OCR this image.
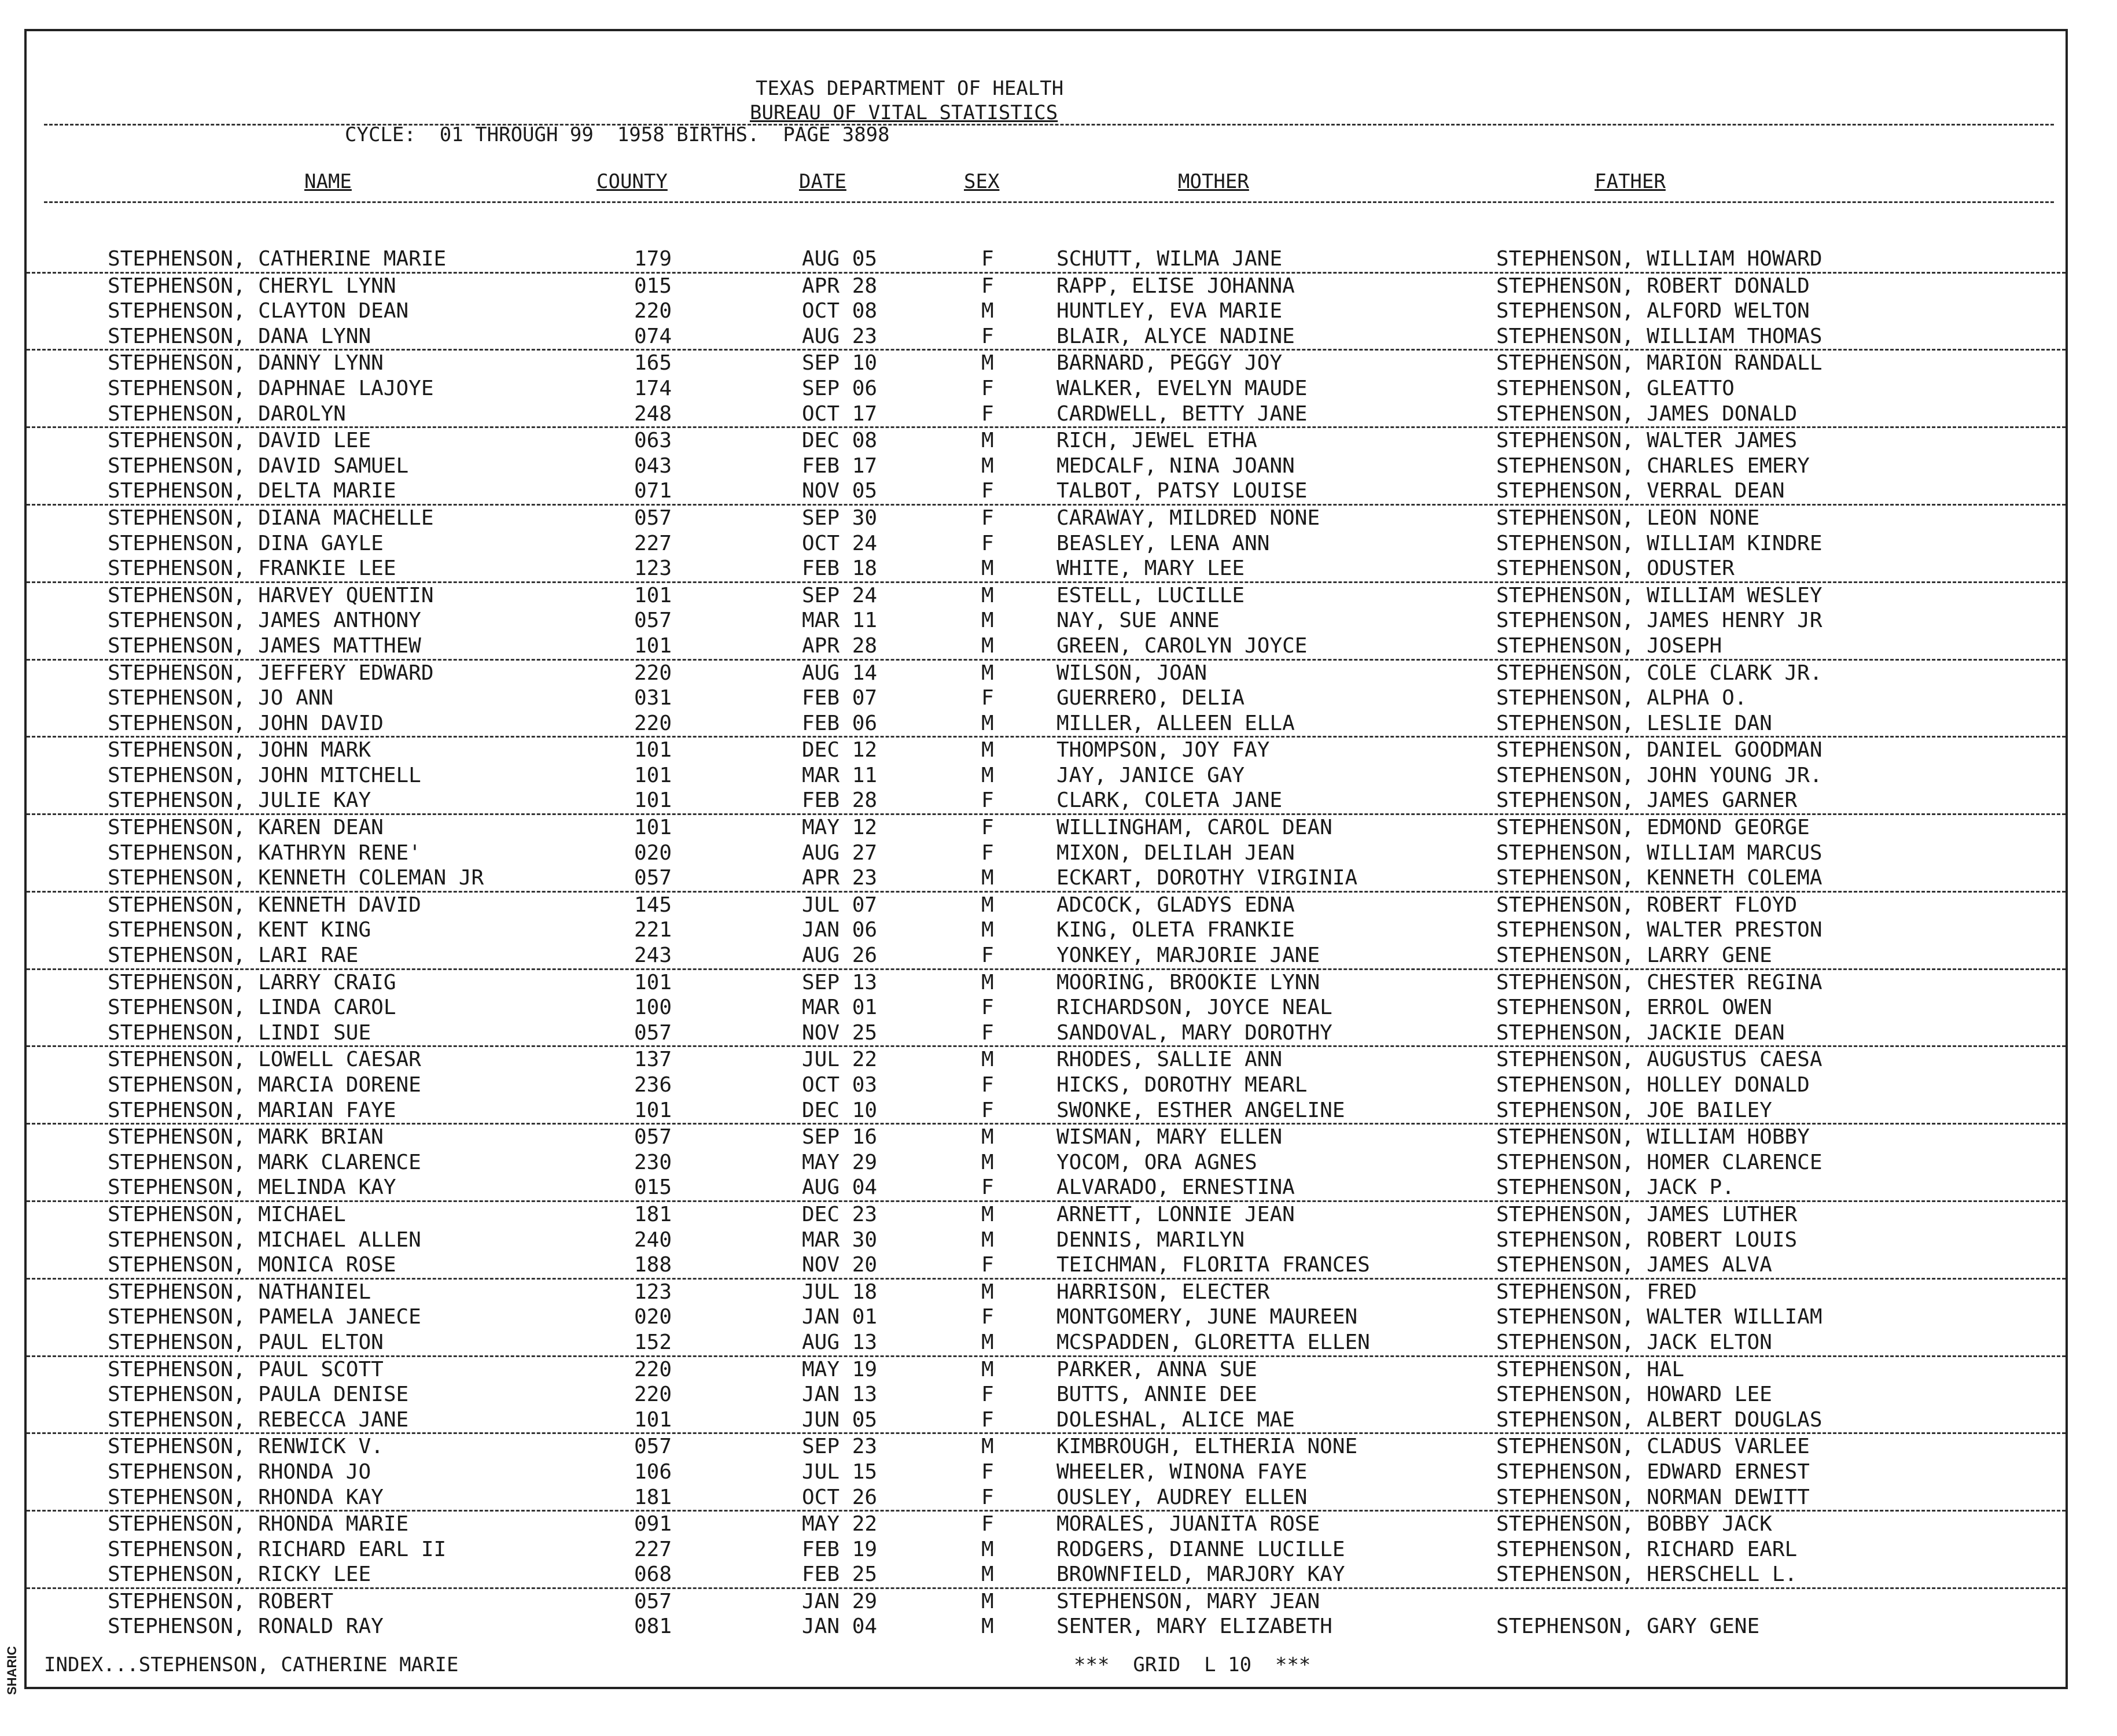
TEXAS DEPARTMENT OF HEALTH
BUREAU OF VITAL STATISTICS
CYCLE:  01 THROUGH 99  1958 BIRTHS.  PAGE 3898
NAME	COUNTY	DATE	SEX	MOTHER	FATHER
STEPHENSON, CATHERINE MARIE	179	AUG 05	F	SCHUTT, WILMA JANE	STEPHENSON, WILLIAM HOWARD
STEPHENSON, CHERYL LYNN	015	APR 28	F	RAPP, ELISE JOHANNA	STEPHENSON, ROBERT DONALD
STEPHENSON, CLAYTON DEAN	220	OCT 08	M	HUNTLEY, EVA MARIE	STEPHENSON, ALFORD WELTON
STEPHENSON, DANA LYNN	074	AUG 23	F	BLAIR, ALYCE NADINE	STEPHENSON, WILLIAM THOMAS
STEPHENSON, DANNY LYNN	165	SEP 10	M	BARNARD, PEGGY JOY	STEPHENSON, MARION RANDALL
STEPHENSON, DAPHNAE LAJOYE	174	SEP 06	F	WALKER, EVELYN MAUDE	STEPHENSON, GLEATTO
STEPHENSON, DAROLYN	248	OCT 17	F	CARDWELL, BETTY JANE	STEPHENSON, JAMES DONALD
STEPHENSON, DAVID LEE	063	DEC 08	M	RICH, JEWEL ETHA	STEPHENSON, WALTER JAMES
STEPHENSON, DAVID SAMUEL	043	FEB 17	M	MEDCALF, NINA JOANN	STEPHENSON, CHARLES EMERY
STEPHENSON, DELTA MARIE	071	NOV 05	F	TALBOT, PATSY LOUISE	STEPHENSON, VERRAL DEAN
STEPHENSON, DIANA MACHELLE	057	SEP 30	F	CARAWAY, MILDRED NONE	STEPHENSON, LEON NONE
STEPHENSON, DINA GAYLE	227	OCT 24	F	BEASLEY, LENA ANN	STEPHENSON, WILLIAM KINDRE
STEPHENSON, FRANKIE LEE	123	FEB 18	M	WHITE, MARY LEE	STEPHENSON, ODUSTER
STEPHENSON, HARVEY QUENTIN	101	SEP 24	M	ESTELL, LUCILLE	STEPHENSON, WILLIAM WESLEY
STEPHENSON, JAMES ANTHONY	057	MAR 11	M	NAY, SUE ANNE	STEPHENSON, JAMES HENRY JR
STEPHENSON, JAMES MATTHEW	101	APR 28	M	GREEN, CAROLYN JOYCE	STEPHENSON, JOSEPH
STEPHENSON, JEFFERY EDWARD	220	AUG 14	M	WILSON, JOAN	STEPHENSON, COLE CLARK JR.
STEPHENSON, JO ANN	031	FEB 07	F	GUERRERO, DELIA	STEPHENSON, ALPHA O.
STEPHENSON, JOHN DAVID	220	FEB 06	M	MILLER, ALLEEN ELLA	STEPHENSON, LESLIE DAN
STEPHENSON, JOHN MARK	101	DEC 12	M	THOMPSON, JOY FAY	STEPHENSON, DANIEL GOODMAN
STEPHENSON, JOHN MITCHELL	101	MAR 11	M	JAY, JANICE GAY	STEPHENSON, JOHN YOUNG JR.
STEPHENSON, JULIE KAY	101	FEB 28	F	CLARK, COLETA JANE	STEPHENSON, JAMES GARNER
STEPHENSON, KAREN DEAN	101	MAY 12	F	WILLINGHAM, CAROL DEAN	STEPHENSON, EDMOND GEORGE
STEPHENSON, KATHRYN RENE'	020	AUG 27	F	MIXON, DELILAH JEAN	STEPHENSON, WILLIAM MARCUS
STEPHENSON, KENNETH COLEMAN JR	057	APR 23	M	ECKART, DOROTHY VIRGINIA	STEPHENSON, KENNETH COLEMA
STEPHENSON, KENNETH DAVID	145	JUL 07	M	ADCOCK, GLADYS EDNA	STEPHENSON, ROBERT FLOYD
STEPHENSON, KENT KING	221	JAN 06	M	KING, OLETA FRANKIE	STEPHENSON, WALTER PRESTON
STEPHENSON, LARI RAE	243	AUG 26	F	YONKEY, MARJORIE JANE	STEPHENSON, LARRY GENE
STEPHENSON, LARRY CRAIG	101	SEP 13	M	MOORING, BROOKIE LYNN	STEPHENSON, CHESTER REGINA
STEPHENSON, LINDA CAROL	100	MAR 01	F	RICHARDSON, JOYCE NEAL	STEPHENSON, ERROL OWEN
STEPHENSON, LINDI SUE	057	NOV 25	F	SANDOVAL, MARY DOROTHY	STEPHENSON, JACKIE DEAN
STEPHENSON, LOWELL CAESAR	137	JUL 22	M	RHODES, SALLIE ANN	STEPHENSON, AUGUSTUS CAESA
STEPHENSON, MARCIA DORENE	236	OCT 03	F	HICKS, DOROTHY MEARL	STEPHENSON, HOLLEY DONALD
STEPHENSON, MARIAN FAYE	101	DEC 10	F	SWONKE, ESTHER ANGELINE	STEPHENSON, JOE BAILEY
STEPHENSON, MARK BRIAN	057	SEP 16	M	WISMAN, MARY ELLEN	STEPHENSON, WILLIAM HOBBY
STEPHENSON, MARK CLARENCE	230	MAY 29	M	YOCOM, ORA AGNES	STEPHENSON, HOMER CLARENCE
STEPHENSON, MELINDA KAY	015	AUG 04	F	ALVARADO, ERNESTINA	STEPHENSON, JACK P.
STEPHENSON, MICHAEL	181	DEC 23	M	ARNETT, LONNIE JEAN	STEPHENSON, JAMES LUTHER
STEPHENSON, MICHAEL ALLEN	240	MAR 30	M	DENNIS, MARILYN	STEPHENSON, ROBERT LOUIS
STEPHENSON, MONICA ROSE	188	NOV 20	F	TEICHMAN, FLORITA FRANCES	STEPHENSON, JAMES ALVA
STEPHENSON, NATHANIEL	123	JUL 18	M	HARRISON, ELECTER	STEPHENSON, FRED
STEPHENSON, PAMELA JANECE	020	JAN 01	F	MONTGOMERY, JUNE MAUREEN	STEPHENSON, WALTER WILLIAM
STEPHENSON, PAUL ELTON	152	AUG 13	M	MCSPADDEN, GLORETTA ELLEN	STEPHENSON, JACK ELTON
STEPHENSON, PAUL SCOTT	220	MAY 19	M	PARKER, ANNA SUE	STEPHENSON, HAL
STEPHENSON, PAULA DENISE	220	JAN 13	F	BUTTS, ANNIE DEE	STEPHENSON, HOWARD LEE
STEPHENSON, REBECCA JANE	101	JUN 05	F	DOLESHAL, ALICE MAE	STEPHENSON, ALBERT DOUGLAS
STEPHENSON, RENWICK V.	057	SEP 23	M	KIMBROUGH, ELTHERIA NONE	STEPHENSON, CLADUS VARLEE
STEPHENSON, RHONDA JO	106	JUL 15	F	WHEELER, WINONA FAYE	STEPHENSON, EDWARD ERNEST
STEPHENSON, RHONDA KAY	181	OCT 26	F	OUSLEY, AUDREY ELLEN	STEPHENSON, NORMAN DEWITT
STEPHENSON, RHONDA MARIE	091	MAY 22	F	MORALES, JUANITA ROSE	STEPHENSON, BOBBY JACK
STEPHENSON, RICHARD EARL II	227	FEB 19	M	RODGERS, DIANNE LUCILLE	STEPHENSON, RICHARD EARL
STEPHENSON, RICKY LEE	068	FEB 25	M	BROWNFIELD, MARJORY KAY	STEPHENSON, HERSCHELL L.
STEPHENSON, ROBERT	057	JAN 29	M	STEPHENSON, MARY JEAN
STEPHENSON, RONALD RAY	081	JAN 04	M	SENTER, MARY ELIZABETH	STEPHENSON, GARY GENE
INDEX...STEPHENSON, CATHERINE MARIE	***  GRID  L 10  ***
SHARIC
